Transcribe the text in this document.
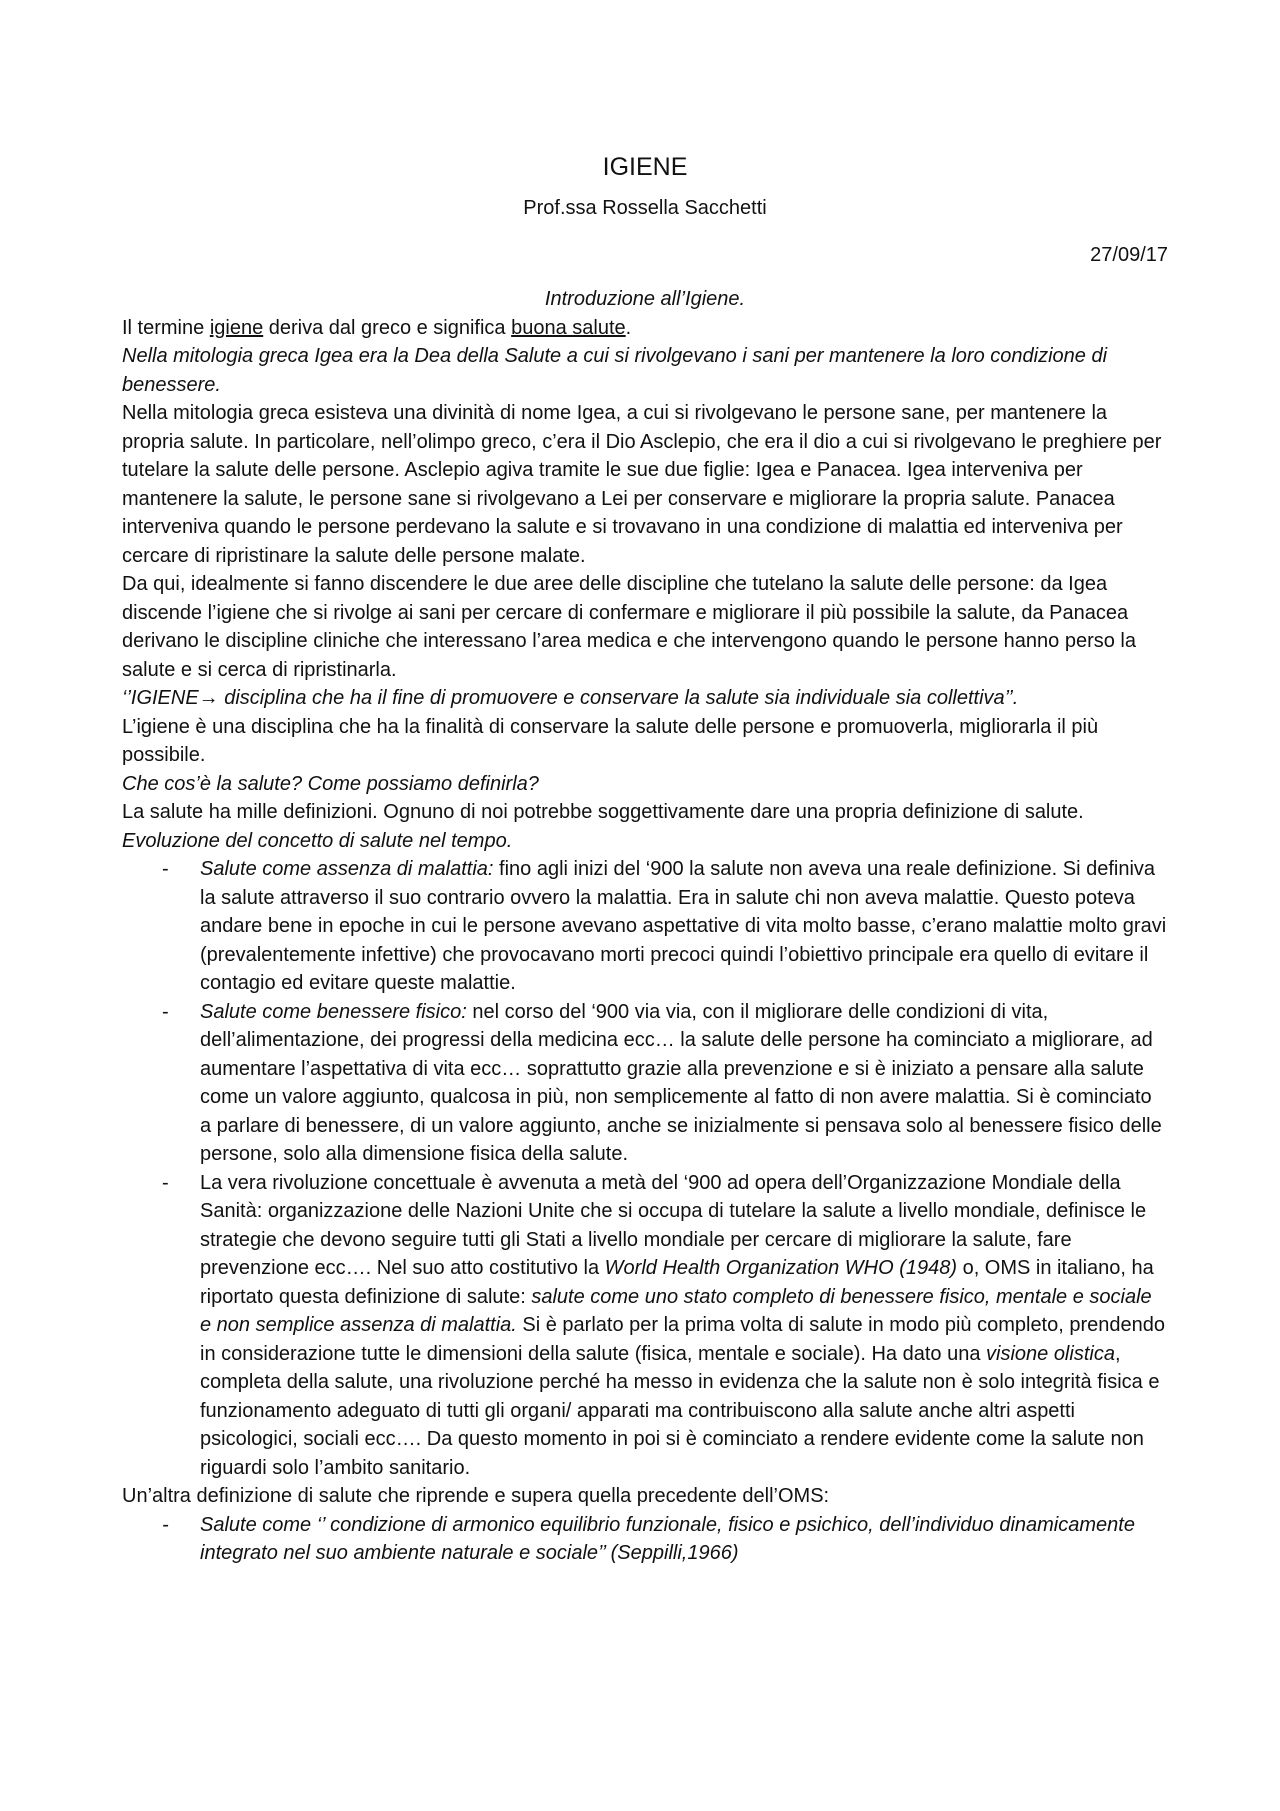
IGIENE
Prof.ssa Rossella Sacchetti
27/09/17
Introduzione all’Igiene.

Il termine igiene deriva dal greco e significa buona salute.

Nella mitologia greca Igea era la Dea della Salute a cui si rivolgevano i sani per mantenere la loro condizione di benessere.

Nella mitologia greca esisteva una divinità di nome Igea, a cui si rivolgevano le persone sane, per mantenere la propria salute. In particolare, nell’olimpo greco, c’era il Dio Asclepio, che era il dio a cui si rivolgevano le preghiere per tutelare la salute delle persone. Asclepio agiva tramite le sue due figlie: Igea e Panacea. Igea interveniva per mantenere la salute, le persone sane si rivolgevano a Lei per conservare e migliorare la propria salute. Panacea interveniva quando le persone perdevano la salute e si trovavano in una condizione di malattia ed interveniva per cercare di ripristinare la salute delle persone malate.

Da qui, idealmente si fanno discendere le due aree delle discipline che tutelano la salute delle persone: da Igea discende l’igiene che si rivolge ai sani per cercare di confermare e migliorare il più possibile la salute, da Panacea derivano le discipline cliniche che interessano l’area medica e che intervengono quando le persone hanno perso la salute e si cerca di ripristinarla.

‘’IGIENE→ disciplina che ha il fine di promuovere e conservare la salute sia individuale sia collettiva’’.

L’igiene è una disciplina che ha la finalità di conservare la salute delle persone e promuoverla, migliorarla il più possibile.

Che cos’è la salute? Come possiamo definirla?

La salute ha mille definizioni. Ognuno di noi potrebbe soggettivamente dare una propria definizione di salute.

Evoluzione del concetto di salute nel tempo.

- Salute come assenza di malattia: fino agli inizi del ‘900 la salute non aveva una reale definizione. Si definiva la salute attraverso il suo contrario ovvero la malattia. Era in salute chi non aveva malattie. Questo poteva andare bene in epoche in cui le persone avevano aspettative di vita molto basse, c’erano malattie molto gravi (prevalentemente infettive) che provocavano morti precoci quindi l’obiettivo principale era quello di evitare il contagio ed evitare queste malattie.
- Salute come benessere fisico: nel corso del ‘900 via via, con il migliorare delle condizioni di vita, dell’alimentazione, dei progressi della medicina ecc… la salute delle persone ha cominciato a migliorare, ad aumentare l’aspettativa di vita ecc… soprattutto grazie alla prevenzione e si è iniziato a pensare alla salute come un valore aggiunto, qualcosa in più, non semplicemente al fatto di non avere malattia. Si è cominciato a parlare di benessere, di un valore aggiunto, anche se inizialmente si pensava solo al benessere fisico delle persone, solo alla dimensione fisica della salute.
- La vera rivoluzione concettuale è avvenuta a metà del ‘900 ad opera dell’Organizzazione Mondiale della Sanità: organizzazione delle Nazioni Unite che si occupa di tutelare la salute a livello mondiale, definisce le strategie che devono seguire tutti gli Stati a livello mondiale per cercare di migliorare la salute, fare prevenzione ecc…. Nel suo atto costitutivo la World Health Organization WHO (1948) o, OMS in italiano, ha riportato questa definizione di salute: salute come uno stato completo di benessere fisico, mentale e sociale e non semplice assenza di malattia. Si è parlato per la prima volta di salute in modo più completo, prendendo in considerazione tutte le dimensioni della salute (fisica, mentale e sociale). Ha dato una visione olistica, completa della salute, una rivoluzione perché ha messo in evidenza che la salute non è solo integrità fisica e funzionamento adeguato di tutti gli organi/ apparati ma contribuiscono alla salute anche altri aspetti psicologici, sociali ecc…. Da questo momento in poi si è cominciato a rendere evidente come la salute non riguardi solo l’ambito sanitario.

Un’altra definizione di salute che riprende e supera quella precedente dell’OMS:

- Salute come ‘’ condizione di armonico equilibrio funzionale, fisico e psichico, dell’individuo dinamicamente integrato nel suo ambiente naturale e sociale’’ (Seppilli,1966)
